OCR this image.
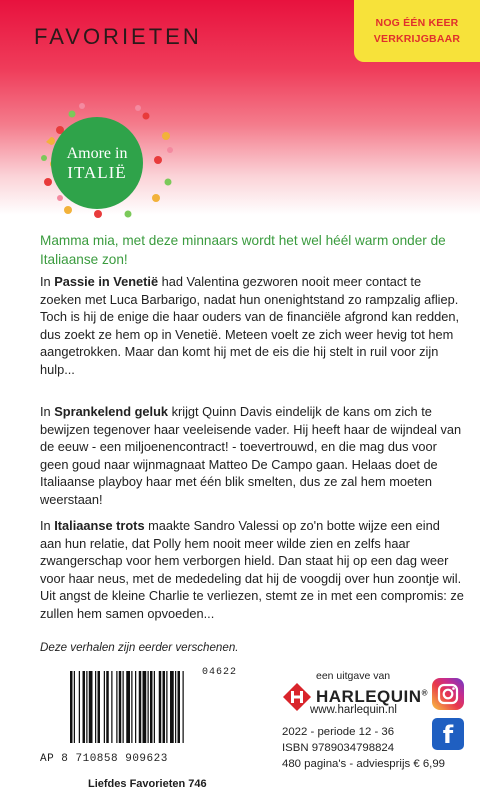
FAVORIETEN
NOG ÉÉN KEER
VERKRIJGBAAR
Amore in
ITALIË
Mamma mia, met deze minnaars wordt het wel héél warm onder de Italiaanse zon!
In Passie in Venetië had Valentina gezworen nooit meer contact te zoeken met Luca Barbarigo, nadat hun onenightstand zo rampzalig afliep. Toch is hij de enige die haar ouders van de financiële afgrond kan redden, dus zoekt ze hem op in Venetië. Meteen voelt ze zich weer hevig tot hem aangetrokken. Maar dan komt hij met de eis die hij stelt in ruil voor zijn hulp...
In Sprankelend geluk krijgt Quinn Davis eindelijk de kans om zich te bewijzen tegenover haar veeleisende vader. Hij heeft haar de wijndeal van de eeuw - een miljoenencontract! - toevertrouwd, en die mag dus voor geen goud naar wijnmagnaat Matteo De Campo gaan. Helaas doet de Italiaanse playboy haar met één blik smelten, dus ze zal hem moeten weerstaan!
In Italiaanse trots maakte Sandro Valessi op zo'n botte wijze een eind aan hun relatie, dat Polly hem nooit meer wilde zien en zelfs haar zwangerschap voor hem verborgen hield. Dan staat hij op een dag weer voor haar neus, met de mededeling dat hij de voogdij over hun zoontje wil. Uit angst de kleine Charlie te verliezen, stemt ze in met een compromis: ze zullen hem samen opvoeden...
Deze verhalen zijn eerder verschenen.
04622
AP 8 710858 909623
Liefdes Favorieten 746
een uitgave van
HARLEQUIN®
www.harlequin.nl
2022 - periode 12 - 36
ISBN 9789034798824
480 pagina's - adviesprijs € 6,99
f
